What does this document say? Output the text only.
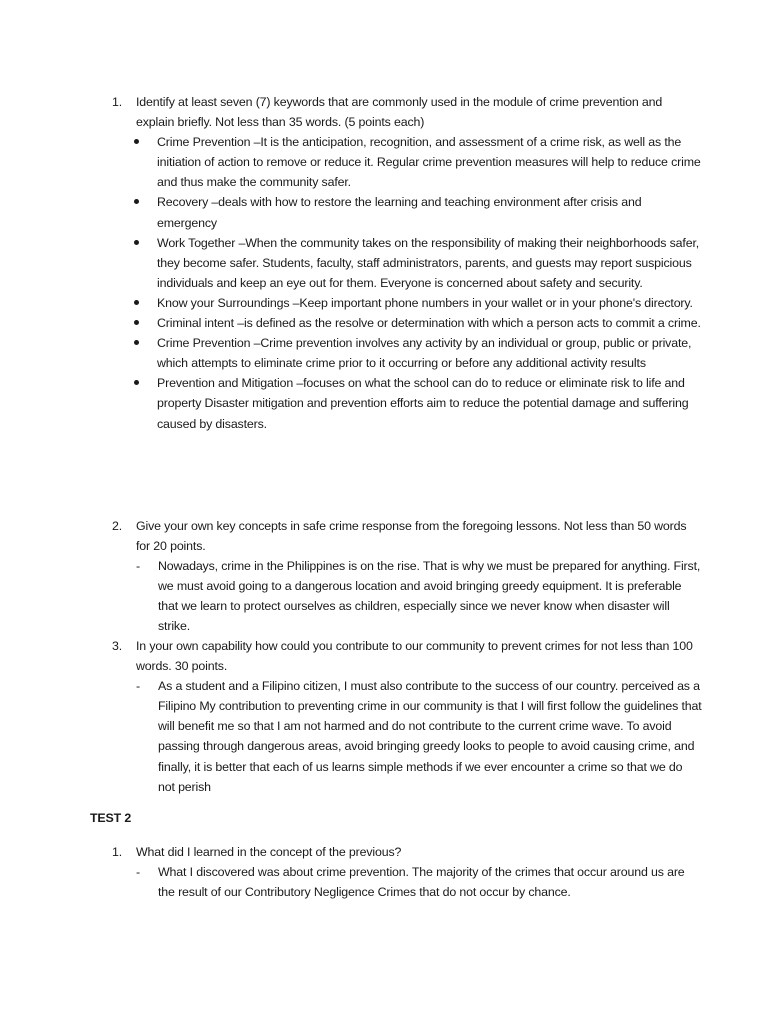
1.	Identify at least seven (7) keywords that are commonly used in the module of crime prevention and explain briefly. Not less than 35 words. (5 points each)
Crime Prevention –It is the anticipation, recognition, and assessment of a crime risk, as well as the initiation of action to remove or reduce it. Regular crime prevention measures will help to reduce crime and thus make the community safer.
Recovery –deals with how to restore the learning and teaching environment after crisis and emergency
Work Together –When the community takes on the responsibility of making their neighborhoods safer, they become safer. Students, faculty, staff administrators, parents, and guests may report suspicious individuals and keep an eye out for them. Everyone is concerned about safety and security.
Know your Surroundings –Keep important phone numbers in your wallet or in your phone's directory.
Criminal intent –is defined as the resolve or determination with which a person acts to commit a crime.
Crime Prevention –Crime prevention involves any activity by an individual or group, public or private, which attempts to eliminate crime prior to it occurring or before any additional activity results
Prevention and Mitigation –focuses on what the school can do to reduce or eliminate risk to life and property Disaster mitigation and prevention efforts aim to reduce the potential damage and suffering caused by disasters.
2.	Give your own key concepts in safe crime response from the foregoing lessons. Not less than 50 words for 20 points.
- Nowadays, crime in the Philippines is on the rise. That is why we must be prepared for anything. First, we must avoid going to a dangerous location and avoid bringing greedy equipment. It is preferable that we learn to protect ourselves as children, especially since we never know when disaster will strike.
3.	In your own capability how could you contribute to our community to prevent crimes for not less than 100 words. 30 points.
- As a student and a Filipino citizen, I must also contribute to the success of our country. perceived as a Filipino My contribution to preventing crime in our community is that I will first follow the guidelines that will benefit me so that I am not harmed and do not contribute to the current crime wave. To avoid passing through dangerous areas, avoid bringing greedy looks to people to avoid causing crime, and finally, it is better that each of us learns simple methods if we ever encounter a crime so that we do not perish
TEST 2
1.	What did I learned in the concept of the previous?
- What I discovered was about crime prevention. The majority of the crimes that occur around us are the result of our Contributory Negligence Crimes that do not occur by chance.
